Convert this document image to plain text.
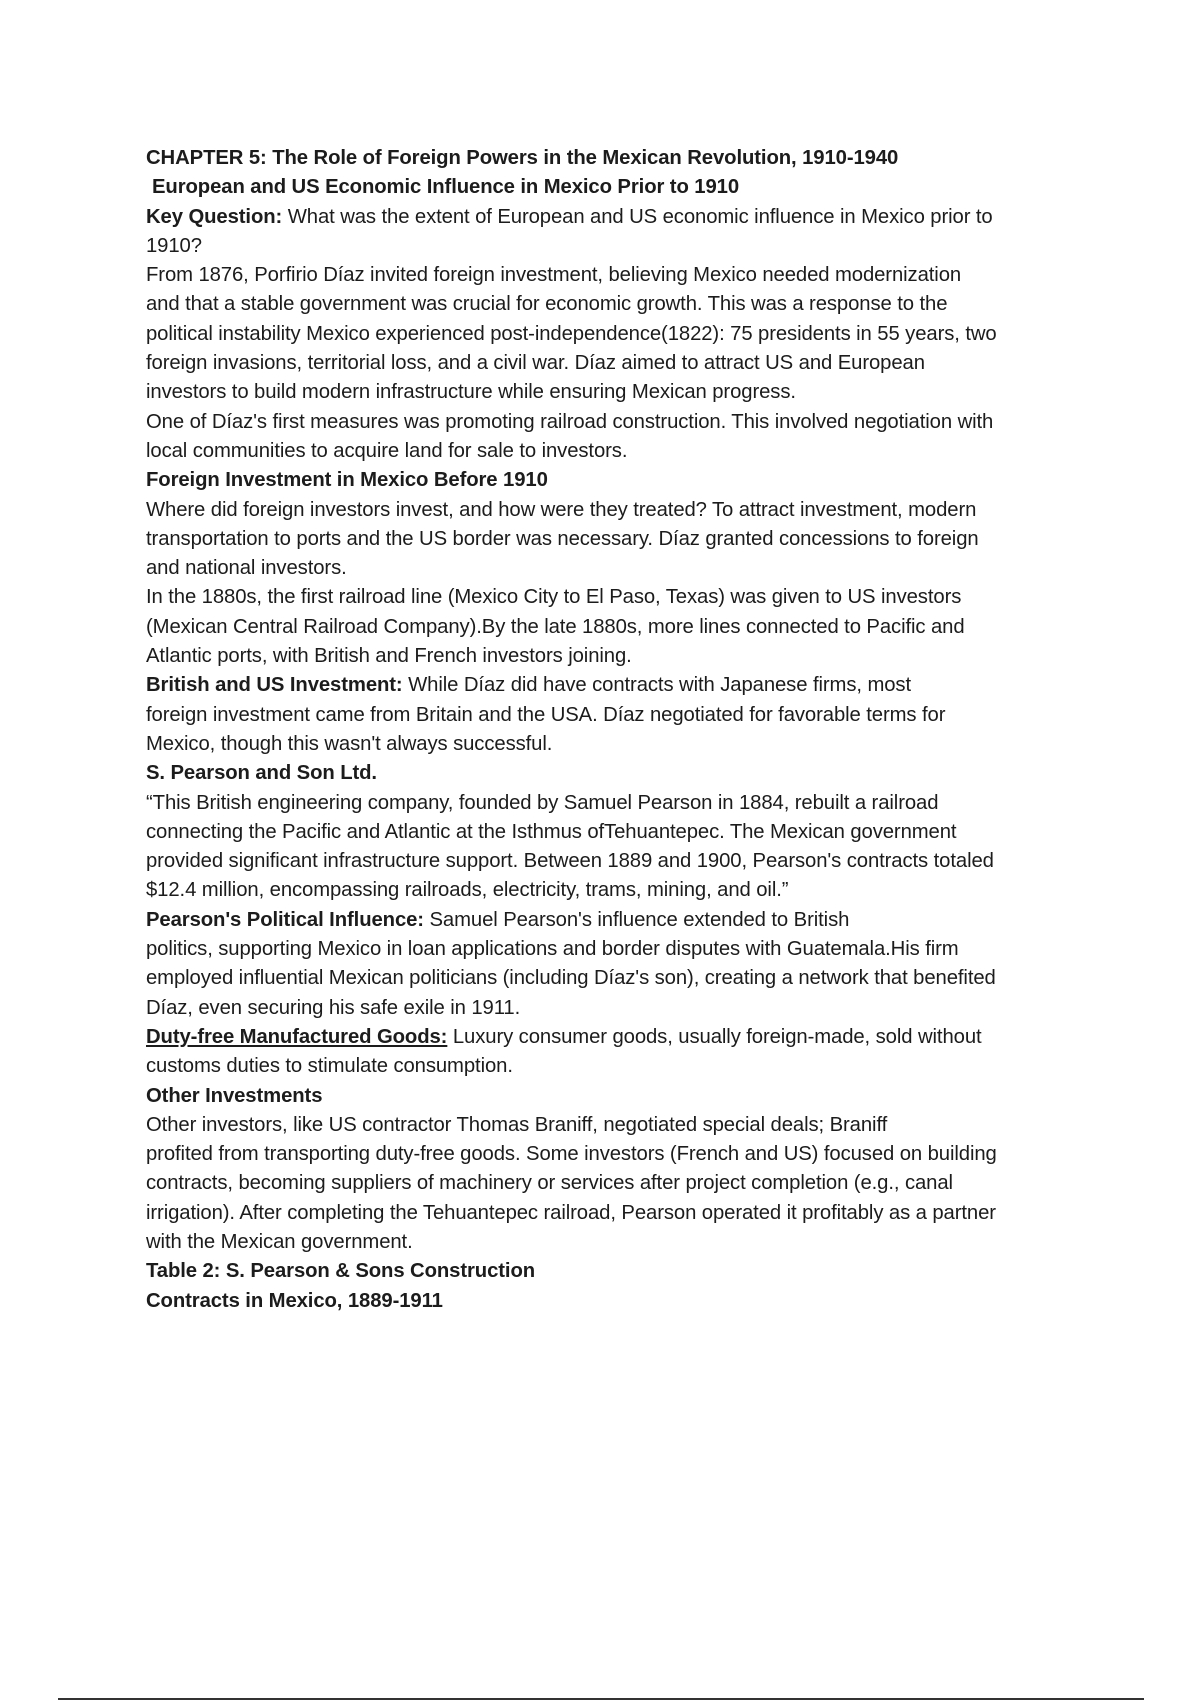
CHAPTER 5: The Role of Foreign Powers in the Mexican Revolution, 1910-1940
European and US Economic Influence in Mexico Prior to 1910
Key Question: What was the extent of European and US economic influence in Mexico prior to
1910?
From 1876, Porfirio Díaz invited foreign investment, believing Mexico needed modernization
and that a stable government was crucial for economic growth. This was a response to the
political instability Mexico experienced post-independence(1822): 75 presidents in 55 years, two
foreign invasions, territorial loss, and a civil war. Díaz aimed to attract US and European
investors to build modern infrastructure while ensuring Mexican progress.
One of Díaz's first measures was promoting railroad construction. This involved negotiation with
local communities to acquire land for sale to investors.
Foreign Investment in Mexico Before 1910
Where did foreign investors invest, and how were they treated? To attract investment, modern
transportation to ports and the US border was necessary. Díaz granted concessions to foreign
and national investors.
In the 1880s, the first railroad line (Mexico City to El Paso, Texas) was given to US investors
(Mexican Central Railroad Company).By the late 1880s, more lines connected to Pacific and
Atlantic ports, with British and French investors joining.
British and US Investment: While Díaz did have contracts with Japanese firms, most
foreign investment came from Britain and the USA. Díaz negotiated for favorable terms for
Mexico, though this wasn't always successful.
S. Pearson and Son Ltd.
“This British engineering company, founded by Samuel Pearson in 1884, rebuilt a railroad
connecting the Pacific and Atlantic at the Isthmus ofTehuantepec. The Mexican government
provided significant infrastructure support. Between 1889 and 1900, Pearson's contracts totaled
$12.4 million, encompassing railroads, electricity, trams, mining, and oil.”
Pearson's Political Influence: Samuel Pearson's influence extended to British
politics, supporting Mexico in loan applications and border disputes with Guatemala.His firm
employed influential Mexican politicians (including Díaz's son), creating a network that benefited
Díaz, even securing his safe exile in 1911.
Duty-free Manufactured Goods: Luxury consumer goods, usually foreign-made, sold without
customs duties to stimulate consumption.
Other Investments
Other investors, like US contractor Thomas Braniff, negotiated special deals; Braniff
profited from transporting duty-free goods. Some investors (French and US) focused on building
contracts, becoming suppliers of machinery or services after project completion (e.g., canal
irrigation). After completing the Tehuantepec railroad, Pearson operated it profitably as a partner
with the Mexican government.
Table 2: S. Pearson & Sons Construction
Contracts in Mexico, 1889-1911
